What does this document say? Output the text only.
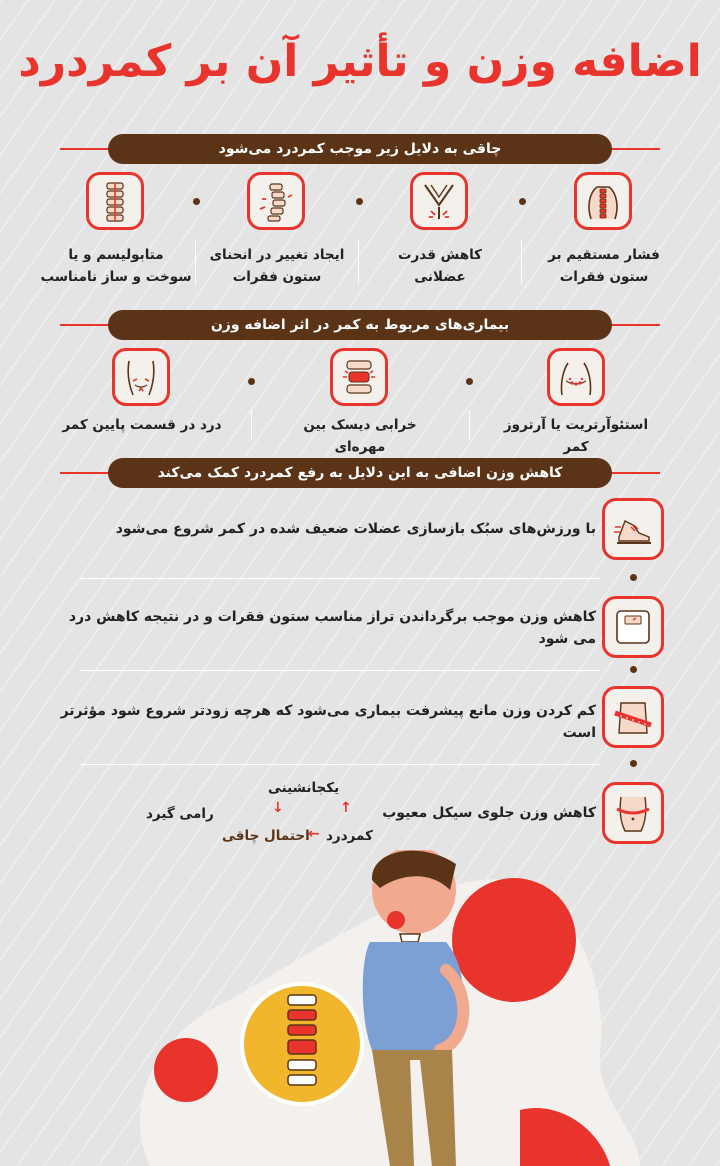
اضافه وزن و تأثیر آن بر کمردرد
چاقی به دلایل زیر موجب کمردرد می‌شود
فشار مستقیم بر
ستون فقرات
کاهش قدرت
عضلانی
ایجاد تغییر در انحنای
ستون فقرات
متابولیسم و یا
سوخت و ساز نامناسب
بیماری‌های مربوط به کمر در اثر اضافه وزن
استئوآرتریت یا آرتروز کمر
خرابی دیسک بین مهره‌ای
درد در قسمت پایین کمر
کاهش وزن اضافی به این دلایل به رفع کمردرد کمک می‌کند
با ورزش‌های سبُک بازسازی عضلات ضعیف شده در کمر شروع می‌شود
کاهش وزن موجب برگرداندن تراز مناسب ستون فقرات و در نتیجه کاهش درد می شود
کم کردن وزن مانع پیشرفت بیماری می‌شود که هرچه زودتر شروع شود مؤثرتر است
کاهش وزن جلوی سیکل معیوب
یکجانشینی
↑
↓
کمردرد
←
احتمال چاقی
رامی گیرد
